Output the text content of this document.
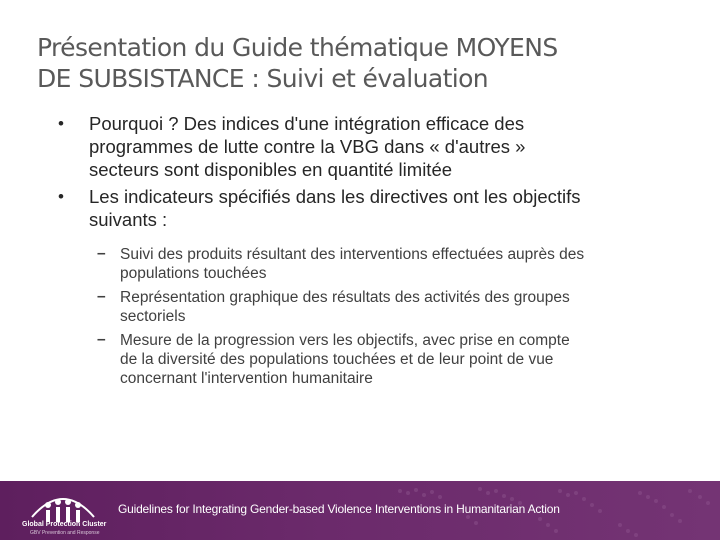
Présentation du Guide thématique MOYENS
DE SUBSISTANCE : Suivi et évaluation
• Pourquoi ? Des indices d'une intégration efficace des
programmes de lutte contre la VBG dans « d'autres »
secteurs sont disponibles en quantité limitée
• Les indicateurs spécifiés dans les directives ont les objectifs
suivants :
– Suivi des produits résultant des interventions effectuées auprès des
populations touchées
– Représentation graphique des résultats des activités des groupes
sectoriels
– Mesure de la progression vers les objectifs, avec prise en compte
de la diversité des populations touchées et de leur point de vue
concernant l'intervention humanitaire
Global Protection Cluster
GBV Prevention and Response
Guidelines for Integrating Gender-based Violence Interventions in Humanitarian Action
